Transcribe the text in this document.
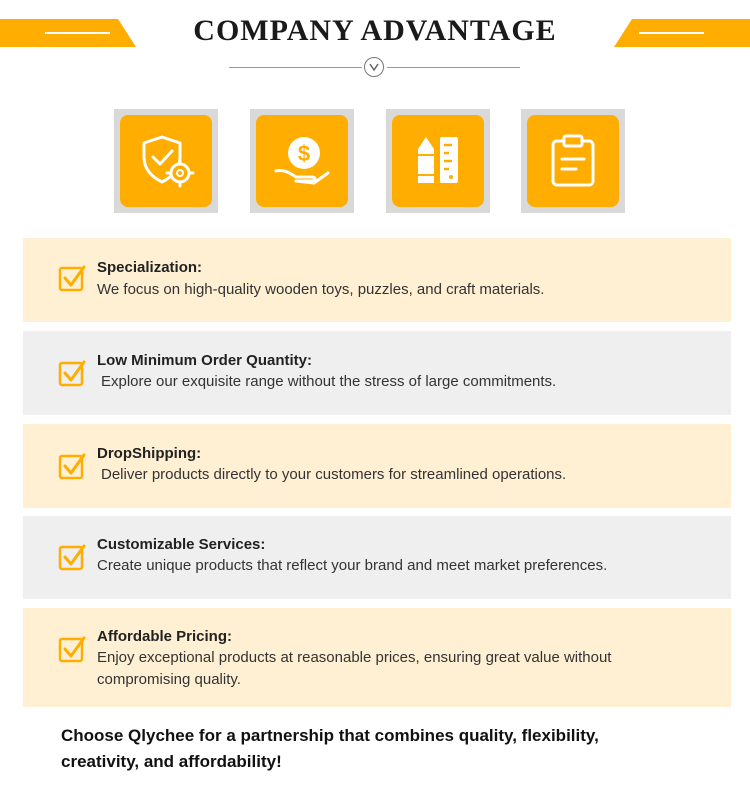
COMPANY ADVANTAGE
$
Specialization:
We focus on high-quality wooden toys, puzzles, and craft materials.
Low Minimum Order Quantity:
Explore our exquisite range without the stress of large commitments.
DropShipping:
Deliver products directly to your customers for streamlined operations.
Customizable Services:
Create unique products that reflect your brand and meet market preferences.
Affordable Pricing:
Enjoy exceptional products at reasonable prices, ensuring great value without compromising quality.
Choose Qlychee for a partnership that combines quality, flexibility, creativity, and affordability!
